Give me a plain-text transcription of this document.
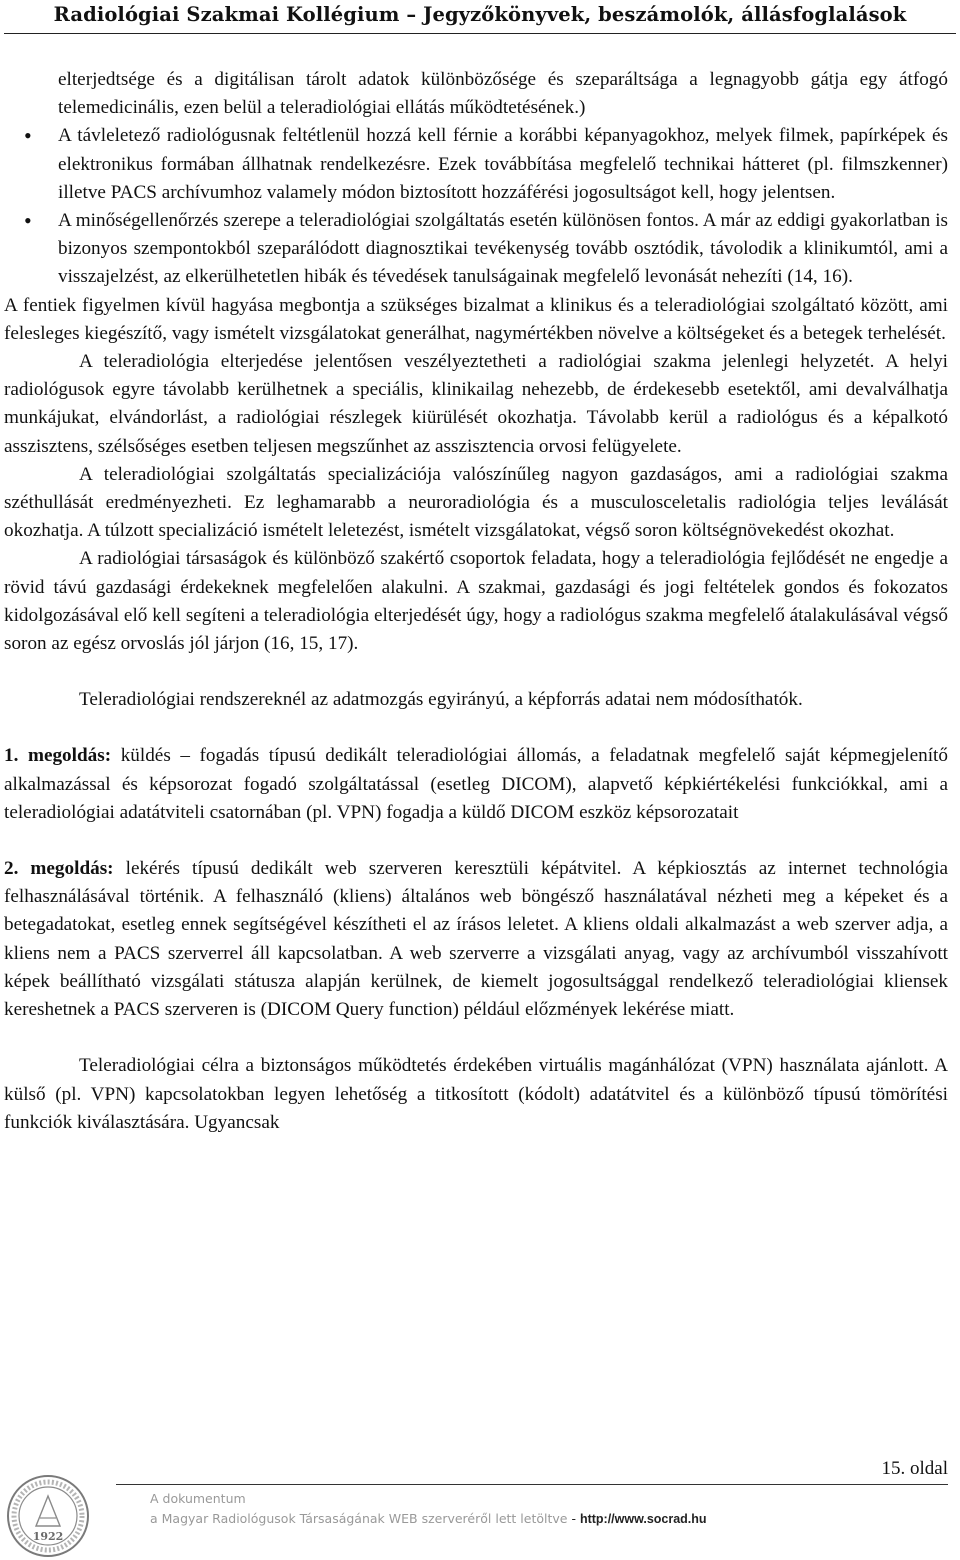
Radiológiai Szakmai Kollégium – Jegyzőkönyvek, beszámolók, állásfoglalások
elterjedtsége és a digitálisan tárolt adatok különbözősége és szeparáltsága a legnagyobb gátja egy átfogó telemedicinális, ezen belül a teleradiológiai ellátás működtetésének.)
• A távleletező radiológusnak feltétlenül hozzá kell férnie a korábbi képanyagokhoz, melyek filmek, papírképek és elektronikus formában állhatnak rendelkezésre. Ezek továbbítása megfelelő technikai hátteret (pl. filmszkenner) illetve PACS archívumhoz valamely módon biztosított hozzáférési jogosultságot kell, hogy jelentsen.
• A minőségellenőrzés szerepe a teleradiológiai szolgáltatás esetén különösen fontos. A már az eddigi gyakorlatban is bizonyos szempontokból szeparálódott diagnosztikai tevékenység tovább osztódik, távolodik a klinikumtól, ami a visszajelzést, az elkerülhetetlen hibák és tévedések tanulságainak megfelelő levonását nehezíti (14, 16).

A fentiek figyelmen kívül hagyása megbontja a szükséges bizalmat a klinikus és a teleradiológiai szolgáltató között, ami felesleges kiegészítő, vagy ismételt vizsgálatokat generálhat, nagymértékben növelve a költségeket és a betegek terhelését.

A teleradiológia elterjedése jelentősen veszélyeztetheti a radiológiai szakma jelenlegi helyzetét. A helyi radiológusok egyre távolabb kerülhetnek a speciális, klinikailag nehezebb, de érdekesebb esetektől, ami devalválhatja munkájukat, elvándorlást, a radiológiai részlegek kiürülését okozhatja. Távolabb kerül a radiológus és a képalkotó asszisztens, szélsőséges esetben teljesen megszűnhet az asszisztencia orvosi felügyelete.

A teleradiológiai szolgáltatás specializációja valószínűleg nagyon gazdaságos, ami a radiológiai szakma széthullását eredményezheti. Ez leghamarabb a neuroradiológia és a musculosceletalis radiológia teljes leválását okozhatja. A túlzott specializáció ismételt leletezést, ismételt vizsgálatokat, végső soron költségnövekedést okozhat.

A radiológiai társaságok és különböző szakértő csoportok feladata, hogy a teleradiológia fejlődését ne engedje a rövid távú gazdasági érdekeknek megfelelően alakulni. A szakmai, gazdasági és jogi feltételek gondos és fokozatos kidolgozásával elő kell segíteni a teleradiológia elterjedését úgy, hogy a radiológus szakma megfelelő átalakulásával végső soron az egész orvoslás jól járjon (16, 15, 17).

Teleradiológiai rendszereknél az adatmozgás egyirányú, a képforrás adatai nem módosíthatók.

1. megoldás: küldés – fogadás típusú dedikált teleradiológiai állomás, a feladatnak megfelelő saját képmegjelenítő alkalmazással és képsorozat fogadó szolgáltatással (esetleg DICOM), alapvető képkiértékelési funkciókkal, ami a teleradiológiai adatátviteli csatornában (pl. VPN) fogadja a küldő DICOM eszköz képsorozatait

2. megoldás: lekérés típusú dedikált web szerveren keresztüli képátvitel. A képkiosztás az internet technológia felhasználásával történik. A felhasználó (kliens) általános web böngésző használatával nézheti meg a képeket és a betegadatokat, esetleg ennek segítségével készítheti el az írásos leletet. A kliens oldali alkalmazást a web szerver adja, a kliens nem a PACS szerverrel áll kapcsolatban. A web szerverre a vizsgálati anyag, vagy az archívumból visszahívott képek beállítható vizsgálati státusza alapján kerülnek, de kiemelt jogosultsággal rendelkező teleradiológiai kliensek kereshetnek a PACS szerveren is (DICOM Query function) például előzmények lekérése miatt.

Teleradiológiai célra a biztonságos működtetés érdekében virtuális magánhálózat (VPN) használata ajánlott. A külső (pl. VPN) kapcsolatokban legyen lehetőség a titkosított (kódolt) adatátvitel és a különböző típusú tömörítési funkciók kiválasztására. Ugyancsak

15. oldal
1922
A dokumentum
a Magyar Radiológusok Társaságának WEB szerveréről lett letöltve - http://www.socrad.hu
